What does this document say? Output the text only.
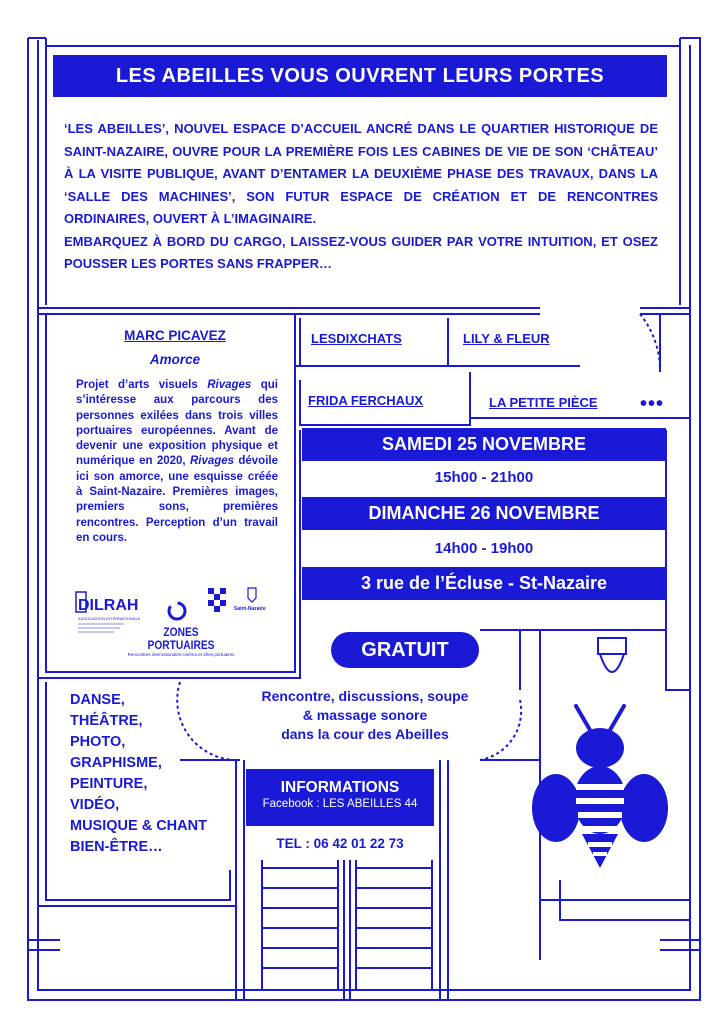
LES ABEILLES VOUS OUVRENT LEURS PORTES

‘LES ABEILLES’, NOUVEL ESPACE D’ACCUEIL ANCRÉ DANS LE QUARTIER HISTORIQUE DE SAINT-NAZAIRE, OUVRE POUR LA PREMIÈRE FOIS LES CABINES DE VIE DE SON ‘CHÂTEAU’ À LA VISITE PUBLIQUE, AVANT D’ENTAMER LA DEUXIÈME PHASE DES TRAVAUX, DANS LA ‘SALLE DES MACHINES’, SON FUTUR ESPACE DE CRÉATION ET DE RENCONTRES ORDINAIRES, OUVERT À L’IMAGINAIRE.

EMBARQUEZ À BORD DU CARGO, LAISSEZ-VOUS GUIDER PAR VOTRE INTUITION, ET OSEZ POUSSER LES PORTES SANS FRAPPER…

MARC PICAVEZ
Amorce
Projet d’arts visuels Rivages qui s’intéresse aux parcours des personnes exilées dans trois villes portuaires européennes. Avant de devenir une exposition physique et numérique en 2020, Rivages dévoile ici son amorce, une esquisse créée à Saint-Nazaire. Premières images, premiers sons, premières rencontres. Perception d’un travail en cours.
DILRAH
ASSOCIATION INTERNATIONALE
Saint-Nazaire
ZONES PORTUAIRES
Rencontres internationales cinéma et villes portuaires
LESDIXCHATS	LILY & FLEUR
FRIDA FERCHAUX	LA PETITE PIÈCE •••
SAMEDI 25 NOVEMBRE
15h00 - 21h00
DIMANCHE 26 NOVEMBRE
14h00 - 19h00
3 rue de l’Écluse - St-Nazaire
GRATUIT
Rencontre, discussions, soupe
& massage sonore
dans la cour des Abeilles
DANSE,
THÉÂTRE,
PHOTO,
GRAPHISME,
PEINTURE,
VIDÉO,
MUSIQUE & CHANT
BIEN-ÊTRE…
INFORMATIONS
Facebook : LES ABEILLES 44
TEL : 06 42 01 22 73
